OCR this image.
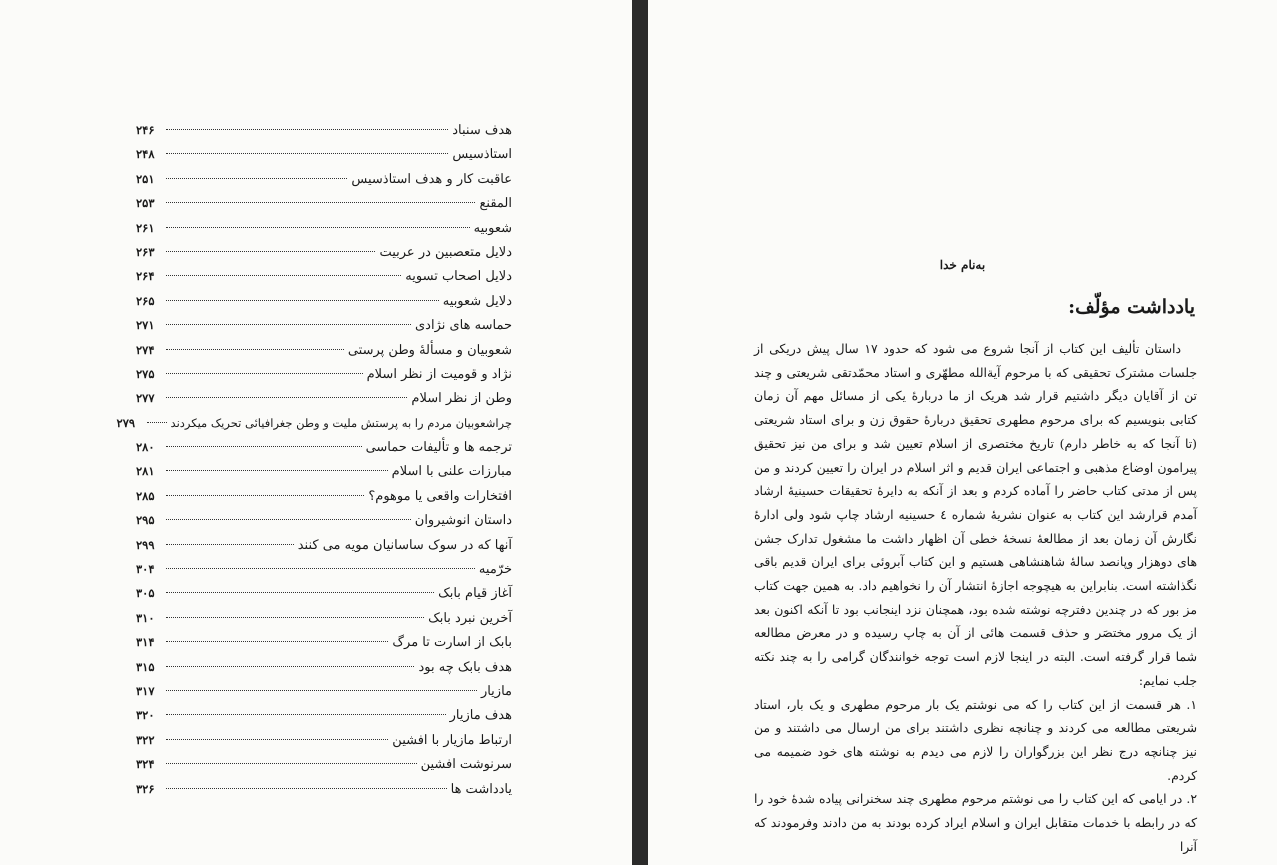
هدف سنباد
۲۴۶
استاذسیس
۲۴۸
عاقبت کار و هدف استاذسیس
۲۵۱
المقنع
۲۵۳
شعوبیه
۲۶۱
دلایل متعصبین در عربیت
۲۶۳
دلایل اصحاب تسویه
۲۶۴
دلایل شعوبیه
۲۶۵
حماسه های نژادی
۲۷۱
شعوبیان و مسألهٔ وطن پرستی
۲۷۴
نژاد و قومیت از نظر اسلام
۲۷۵
وطن از نظر اسلام
۲۷۷
چراشعوبیان مردم را به پرستش ملیت و وطن جغرافیائی تحریک میکردند
۲۷۹
ترجمه ها و تألیفات حماسی
۲۸۰
مبارزات علنی با اسلام
۲۸۱
افتخارات واقعی یا موهوم؟
۲۸۵
داستان انوشیروان
۲۹۵
آنها که در سوک ساسانیان مویه می کنند
۲۹۹
خرّمیه
۳۰۴
آغاز قیام بابک
۳۰۵
آخرین نبرد بابک
۳۱۰
بابک از اسارت تا مرگ
۳۱۴
هدف بابک چه بود
۳۱۵
مازیار
۳۱۷
هدف مازیار
۳۲۰
ارتباط مازیار با افشین
۳۲۲
سرنوشت افشین
۳۲۴
یادداشت ها
۳۲۶
به‌نام خدا
یادداشت مؤلّف:

داستان تألیف این کتاب از آنجا شروع می شود که حدود ۱۷ سال پیش دریکی از جلسات مشترک تحقیقی که با مرحوم آیة‌الله مطهّری و استاد محمّدتقی شریعتی و چند تن از آقایان دیگر داشتیم قرار شد هریک از ما دربارهٔ یکی از مسائل مهم آن زمان کتابی بنویسیم که برای مرحوم مطهری تحقیق دربارهٔ حقوق زن و برای استاد شریعتی (تا آنجا که به خاطر دارم) تاریخ مختصری از اسلام تعیین شد و برای من نیز تحقیق پیرامون اوضاع مذهبی و اجتماعی ایران قدیم و اثر اسلام در ایران را تعیین کردند و من پس از مدتی کتاب حاضر را آماده کردم و بعد از آنکه به دایرهٔ تحقیقات حسینیهٔ ارشاد آمدم قرارشد این کتاب به عنوان نشریهٔ شماره ٤ حسینیه ارشاد چاپ شود ولی ادارهٔ نگارش آن زمان بعد از مطالعهٔ نسخهٔ خطی آن اظهار داشت ما مشغول تدارک جشن های دوهزار وپانصد سالهٔ شاهنشاهی هستیم و این کتاب آبروئی برای ایران قدیم باقی نگذاشته است. بنابراین به هیچوجه اجازهٔ انتشار آن را نخواهیم داد. به همین جهت کتاب مز بور که در چندین دفترچه نوشته شده بود، همچنان نزد اینجانب بود تا آنکه اکنون بعد از یک مرور مختصَر و حذف قسمت هائی از آن به چاپ رسیده و در معرض مطالعه شما قرار گرفته است. البته در اینجا لازم است توجه خوانندگان گرامی را به چند نکته جلب نمایم:

۱. هر قسمت از این کتاب را که می نوشتم یک بار مرحوم مطهری و یک بار، استاد شریعتی مطالعه می کردند و چنانچه نظری داشتند برای من ارسال می داشتند و من نیز چنانچه درج نظر این بزرگواران را لازم می دیدم به نوشته های خود ضمیمه می کردم.

۲. در ایامی که این کتاب را می نوشتم مرحوم مطهری چند سخنرانی پیاده شدهٔ خود را که در رابطه با خدمات متقابل ایران و اسلام ایراد کرده بودند به من دادند وفرمودند که آنرا
